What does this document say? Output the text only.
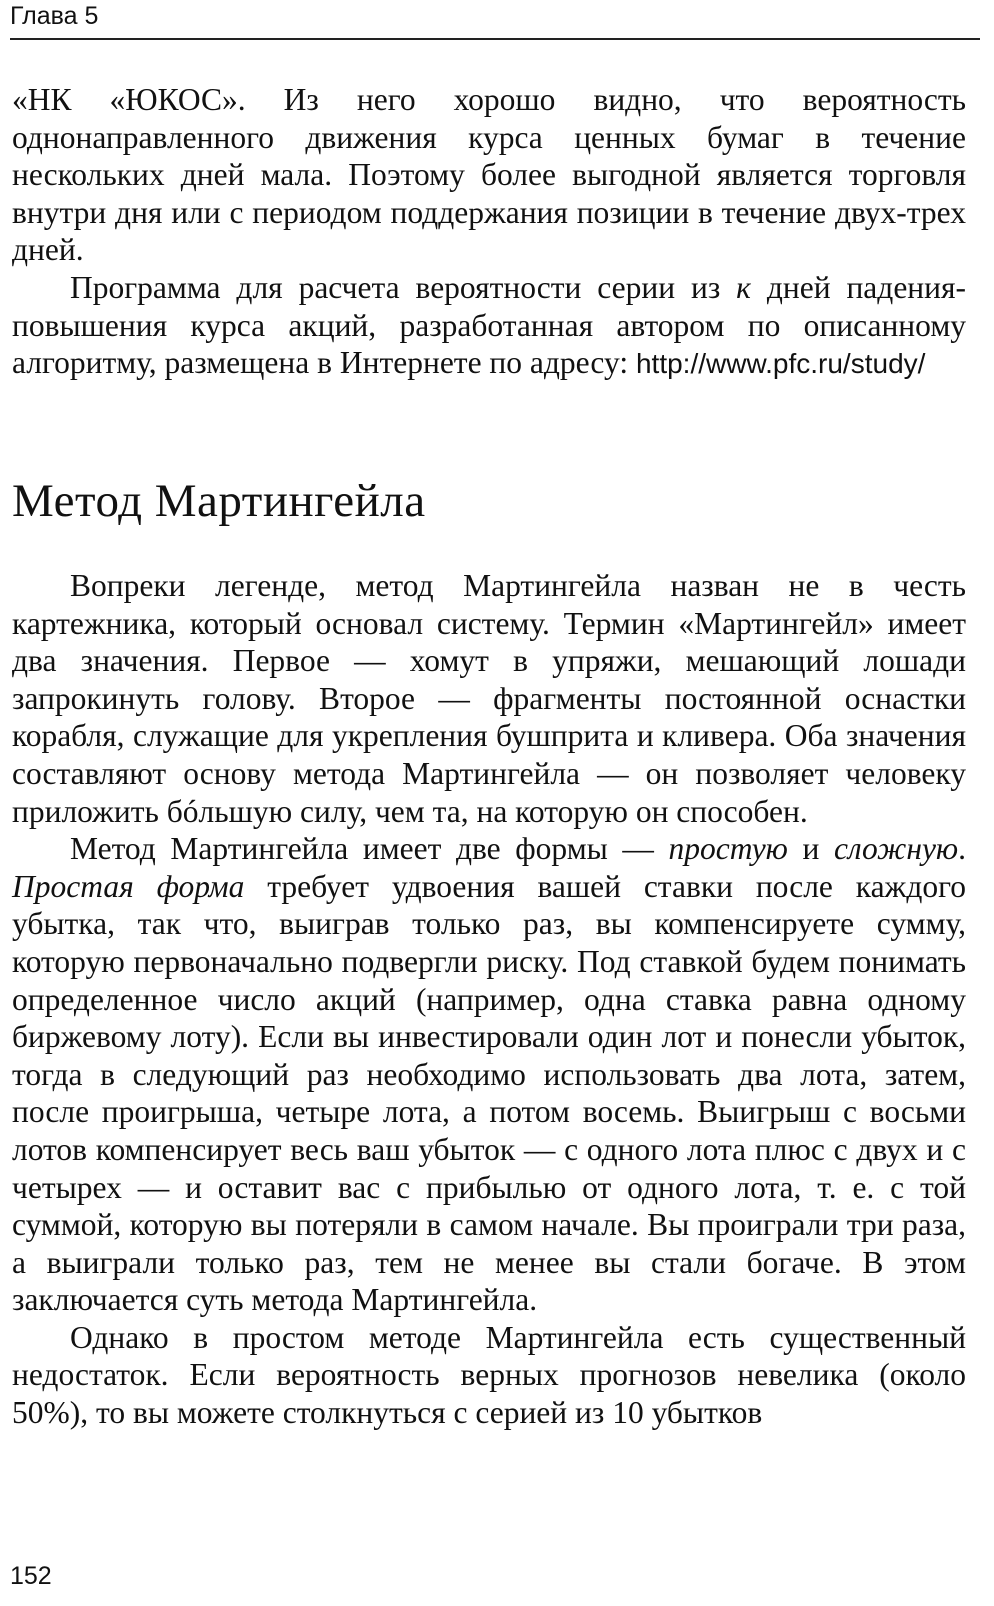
Глава 5

«НК «ЮКОС». Из него хорошо видно, что вероятность однонаправленного движения курса ценных бумаг в течение нескольких дней мала. Поэтому более выгодной является торговля внутри дня или с периодом поддержания позиции в течение двух-трех дней.

Программа для расчета вероятности серии из к дней падения-повышения курса акций, разработанная автором по описанному алгоритму, размещена в Интернете по адресу: http://www.pfc.ru/study/

Метод Мартингейла

Вопреки легенде, метод Мартингейла назван не в честь картежника, который основал систему. Термин «Мартингейл» имеет два значения. Первое — хомут в упряжи, мешающий лошади запрокинуть голову. Второе — фрагменты постоянной оснастки корабля, служащие для укрепления бушприта и кливера. Оба значения составляют основу метода Мартингейла — он позволяет человеку приложить бóльшую силу, чем та, на которую он способен.

Метод Мартингейла имеет две формы — простую и сложную. Простая форма требует удвоения вашей ставки после каждого убытка, так что, выиграв только раз, вы компенсируете сумму, которую первоначально подвергли риску. Под ставкой будем понимать определенное число акций (например, одна ставка равна одному биржевому лоту). Если вы инвестировали один лот и понесли убыток, тогда в следующий раз необходимо использовать два лота, затем, после проигрыша, четыре лота, а потом восемь. Выигрыш с восьми лотов компенсирует весь ваш убыток — с одного лота плюс с двух и с четырех — и оставит вас с прибылью от одного лота, т. е. с той суммой, которую вы потеряли в самом начале. Вы проиграли три раза, а выиграли только раз, тем не менее вы стали богаче. В этом заключается суть метода Мартингейла.

Однако в простом методе Мартингейла есть существенный недостаток. Если вероятность верных прогнозов невелика (около 50%), то вы можете столкнуться с серией из 10 убытков

152
